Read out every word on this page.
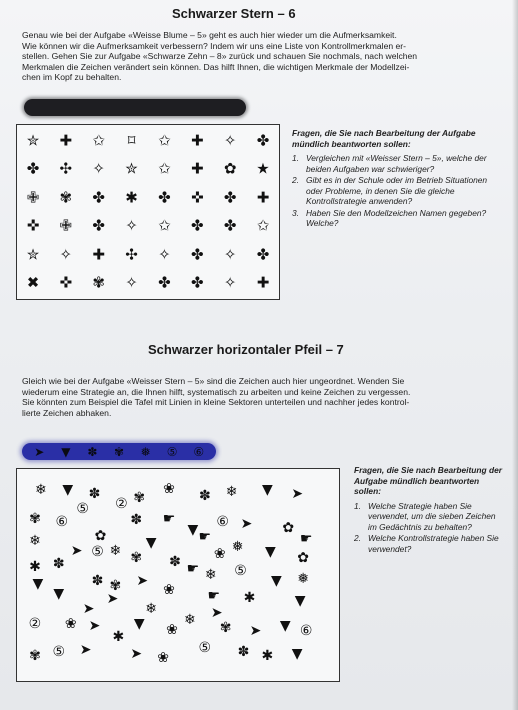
Schwarzer Stern – 6

Genau wie bei der Aufgabe «Weisse Blume – 5» geht es auch hier wieder um die Aufmerksamkeit.

Wie können wir die Aufmerksamkeit verbessern? Indem wir uns eine Liste von Kontrollmerkmalen er-

stellen. Gehen Sie zur Aufgabe «Schwarze Zehn – 8» zurück und schauen Sie nochmals, nach welchen

Merkmalen die Zeichen verändert sein können. Das hilft Ihnen, die wichtigen Merkmale der Modellzei-

chen im Kopf zu behalten.

✮ ✚ ✩ ⌑ ✩ ✚ ✧ ✤
✤ ✣ ✧ ✮ ✩ ✚ ✿ ★
✙ ✾ ✤ ✱ ✤ ✜ ✤ ✚
✜ ✙ ✤ ✧ ✩ ✤ ✤ ✩
✮ ✧ ✚ ✣ ✧ ✤ ✧ ✤
✖ ✜ ✾ ✧ ✤ ✤ ✧ ✚
Fragen, die Sie nach Bearbeitung der Aufgabe mündlich beantworten sollen:
1. Vergleichen mit «Weisser Stern – 5», welche der beiden Aufgaben war schwieriger?
2. Gibt es in der Schule oder im Betrieb Situationen oder Probleme, in denen Sie die gleiche Kontrollstrategie anwenden?
3. Haben Sie den Modellzeichen Namen gegeben? Welche?
Schwarzer horizontaler Pfeil – 7

Gleich wie bei der Aufgabe «Weisser Stern – 5» sind die Zeichen auch hier ungeordnet. Wenden Sie

wiederum eine Strategie an, die Ihnen hilft, systematisch zu arbeiten und keine Zeichen zu vergessen.

Sie könnten zum Beispiel die Tafel mit Linien in kleine Sektoren unterteilen und nachher jedes kontrol-

lierte Zeichen abhaken.

➤ ▼ ✽ ✾ ❅ ⑤ ⑥
❄ ▼ ✽	❀ ✽ ❄ ▼ ➤
② ✾
⑤
✾ ⑥	✽ ☛	⑥ ➤
▼	✿
☛
❄	✿	▼	❅	☛
➤ ⑤ ❄ ✾ ✽ ❀	▼ ✿
✱ ✽	☛ ❄ ⑤
▼	✽ ✾ ➤
❀
▼ ❅
▼	➤	☛ ✱	▼
➤	❄	➤
② ❀ ➤ ▼ ❀
❄ ✾ ➤ ▼ ⑥
✱
⑤ ➤	➤ ❀
⑤ ✽ ✱ ▼
✾
Fragen, die Sie nach Bearbeitung der Aufgabe mündlich beantworten sollen:
1. Welche Strategie haben Sie verwendet, um die sieben Zeichen im Gedächtnis zu behalten?
2. Welche Kontrollstrategie haben Sie verwendet?
